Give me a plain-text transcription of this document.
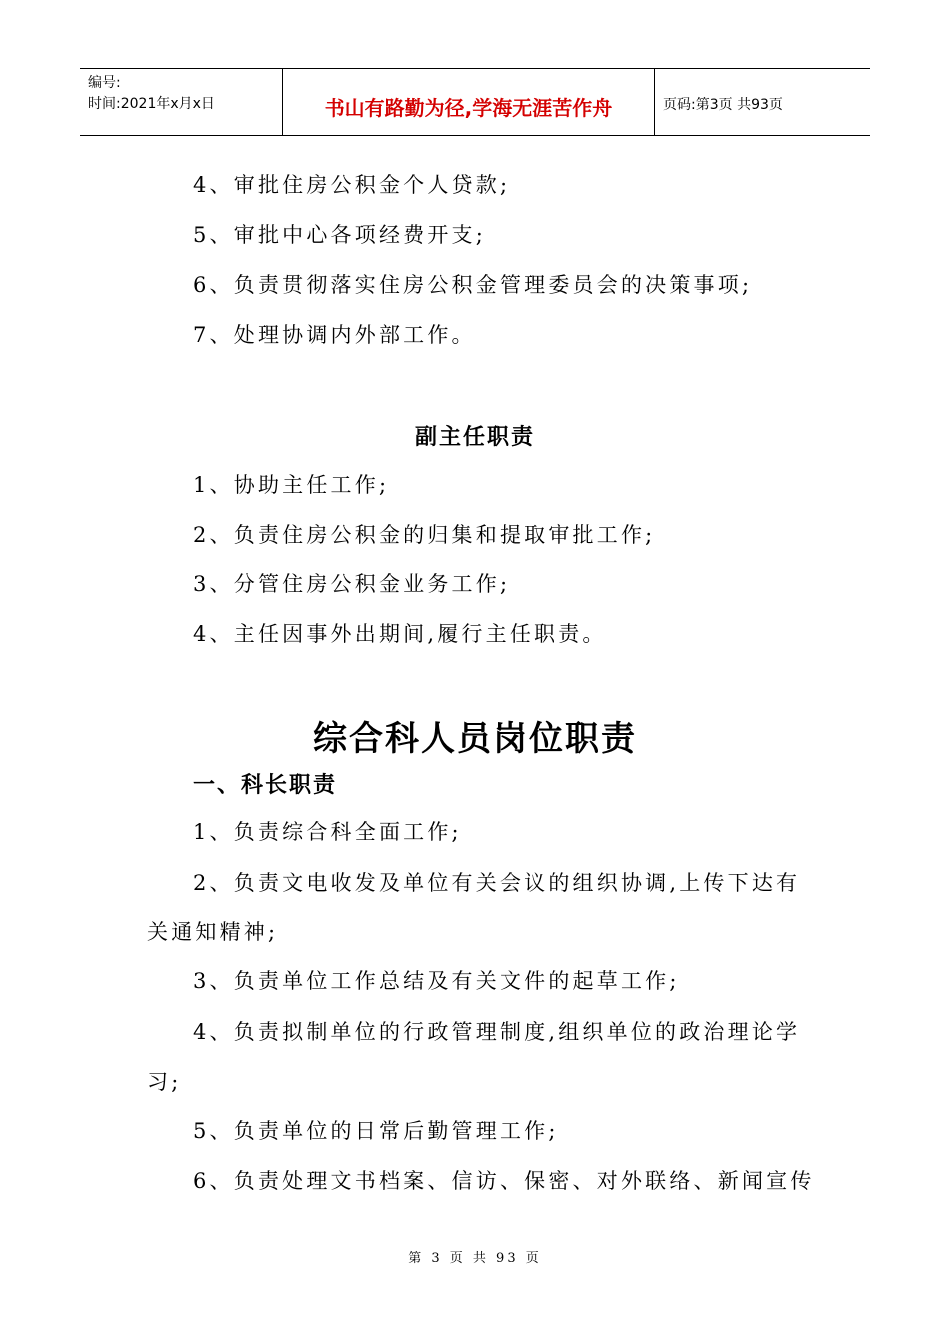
编号:
时间:2021年x月x日	书山有路勤为径,学海无涯苦作舟	页码:第3页 共93页
4、审批住房公积金个人贷款;
5、审批中心各项经费开支;
6、负责贯彻落实住房公积金管理委员会的决策事项;
7、处理协调内外部工作。
副主任职责
1、协助主任工作;
2、负责住房公积金的归集和提取审批工作;
3、分管住房公积金业务工作;
4、主任因事外出期间,履行主任职责。
综合科人员岗位职责
一、科长职责
1、负责综合科全面工作;
2、负责文电收发及单位有关会议的组织协调,上传下达有
关通知精神;
3、负责单位工作总结及有关文件的起草工作;
4、负责拟制单位的行政管理制度,组织单位的政治理论学
习;
5、负责单位的日常后勤管理工作;
6、负责处理文书档案、信访、保密、对外联络、新闻宣传
第 3 页 共 93 页
